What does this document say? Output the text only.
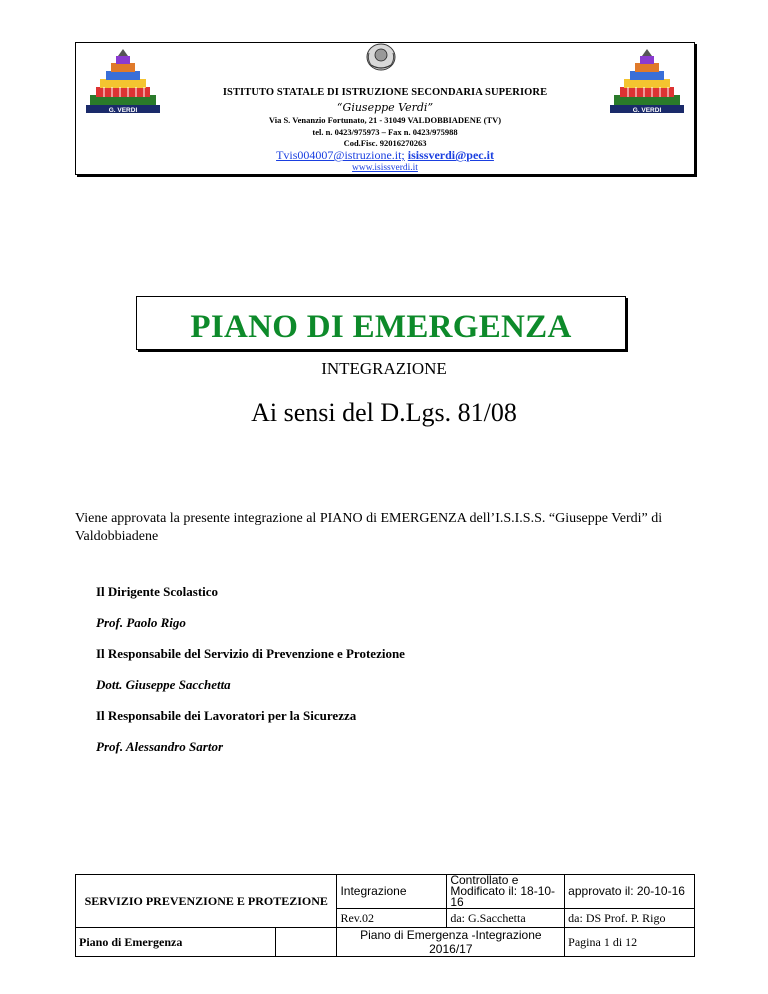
G. VERDI	G. VERDI
ISTITUTO STATALE DI ISTRUZIONE SECONDARIA SUPERIORE
“Giuseppe Verdi”
Via S. Venanzio Fortunato, 21 - 31049 VALDOBBIADENE (TV)
tel. n. 0423/975973 – Fax n. 0423/975988
Cod.Fisc. 92016270263
Tvis004007@istruzione.it; isissverdi@pec.it
www.isissverdi.it
PIANO DI EMERGENZA
INTEGRAZIONE
Ai sensi del D.Lgs. 81/08
Viene approvata la presente integrazione al PIANO di EMERGENZA dell’I.S.I.S.S. “Giuseppe Verdi” di Valdobbiadene
Il Dirigente Scolastico
Prof. Paolo Rigo
Il Responsabile del Servizio di Prevenzione e Protezione
Dott. Giuseppe Sacchetta
Il Responsabile dei Lavoratori per la Sicurezza
Prof. Alessandro Sartor
SERVIZIO PREVENZIONE E PROTEZIONE		Integrazione	Controllato e Modificato il: 18-10-16	approvato il: 20-10-16
		Rev.02	da: G.Sacchetta	da: DS Prof. P. Rigo
Piano di Emergenza		Piano di Emergenza -Integrazione 2016/17		Pagina 1 di 12
